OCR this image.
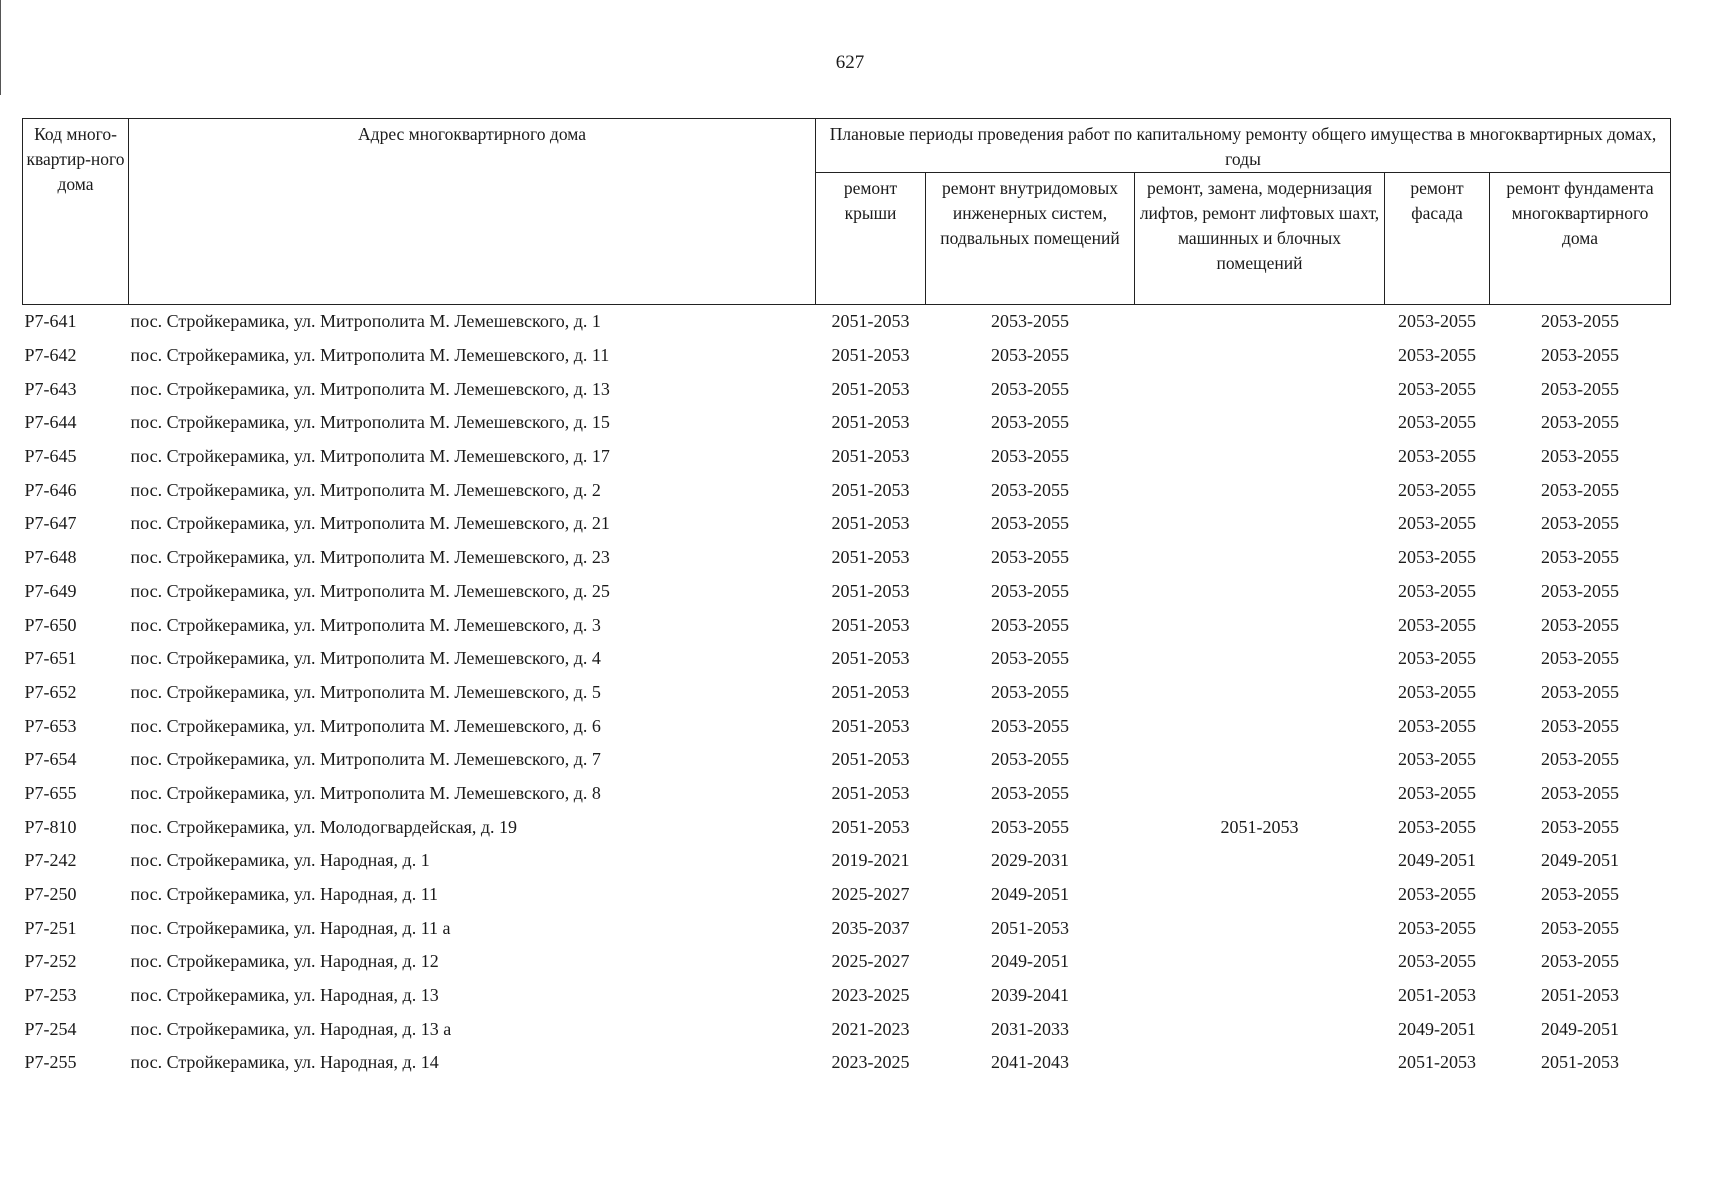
627
Код много-квартир-ного дома	Адрес многоквартирного дома	Плановые периоды проведения работ по капитальному ремонту общего имущества в многоквартирных домах, годы				
		ремонт крыши	ремонт внутридомовых инженерных систем, подвальных помещений	ремонт, замена, модернизация лифтов, ремонт лифтовых шахт, машинных и блочных помещений	ремонт фасада	ремонт фундамента многоквартирного дома
P7-641	пос. Стройкерамика, ул. Митрополита М. Лемешевского, д. 1	2051-2053	2053-2055		2053-2055	2053-2055
P7-642	пос. Стройкерамика, ул. Митрополита М. Лемешевского, д. 11	2051-2053	2053-2055		2053-2055	2053-2055
P7-643	пос. Стройкерамика, ул. Митрополита М. Лемешевского, д. 13	2051-2053	2053-2055		2053-2055	2053-2055
P7-644	пос. Стройкерамика, ул. Митрополита М. Лемешевского, д. 15	2051-2053	2053-2055		2053-2055	2053-2055
P7-645	пос. Стройкерамика, ул. Митрополита М. Лемешевского, д. 17	2051-2053	2053-2055		2053-2055	2053-2055
P7-646	пос. Стройкерамика, ул. Митрополита М. Лемешевского, д. 2	2051-2053	2053-2055		2053-2055	2053-2055
P7-647	пос. Стройкерамика, ул. Митрополита М. Лемешевского, д. 21	2051-2053	2053-2055		2053-2055	2053-2055
P7-648	пос. Стройкерамика, ул. Митрополита М. Лемешевского, д. 23	2051-2053	2053-2055		2053-2055	2053-2055
P7-649	пос. Стройкерамика, ул. Митрополита М. Лемешевского, д. 25	2051-2053	2053-2055		2053-2055	2053-2055
P7-650	пос. Стройкерамика, ул. Митрополита М. Лемешевского, д. 3	2051-2053	2053-2055		2053-2055	2053-2055
P7-651	пос. Стройкерамика, ул. Митрополита М. Лемешевского, д. 4	2051-2053	2053-2055		2053-2055	2053-2055
P7-652	пос. Стройкерамика, ул. Митрополита М. Лемешевского, д. 5	2051-2053	2053-2055		2053-2055	2053-2055
P7-653	пос. Стройкерамика, ул. Митрополита М. Лемешевского, д. 6	2051-2053	2053-2055		2053-2055	2053-2055
P7-654	пос. Стройкерамика, ул. Митрополита М. Лемешевского, д. 7	2051-2053	2053-2055		2053-2055	2053-2055
P7-655	пос. Стройкерамика, ул. Митрополита М. Лемешевского, д. 8	2051-2053	2053-2055		2053-2055	2053-2055
P7-810	пос. Стройкерамика, ул. Молодогвардейская, д. 19	2051-2053	2053-2055	2051-2053	2053-2055	2053-2055
P7-242	пос. Стройкерамика, ул. Народная, д. 1	2019-2021	2029-2031		2049-2051	2049-2051
P7-250	пос. Стройкерамика, ул. Народная, д. 11	2025-2027	2049-2051		2053-2055	2053-2055
P7-251	пос. Стройкерамика, ул. Народная, д. 11 а	2035-2037	2051-2053		2053-2055	2053-2055
P7-252	пос. Стройкерамика, ул. Народная, д. 12	2025-2027	2049-2051		2053-2055	2053-2055
P7-253	пос. Стройкерамика, ул. Народная, д. 13	2023-2025	2039-2041		2051-2053	2051-2053
P7-254	пос. Стройкерамика, ул. Народная, д. 13 а	2021-2023	2031-2033		2049-2051	2049-2051
P7-255	пос. Стройкерамика, ул. Народная, д. 14	2023-2025	2041-2043		2051-2053	2051-2053
